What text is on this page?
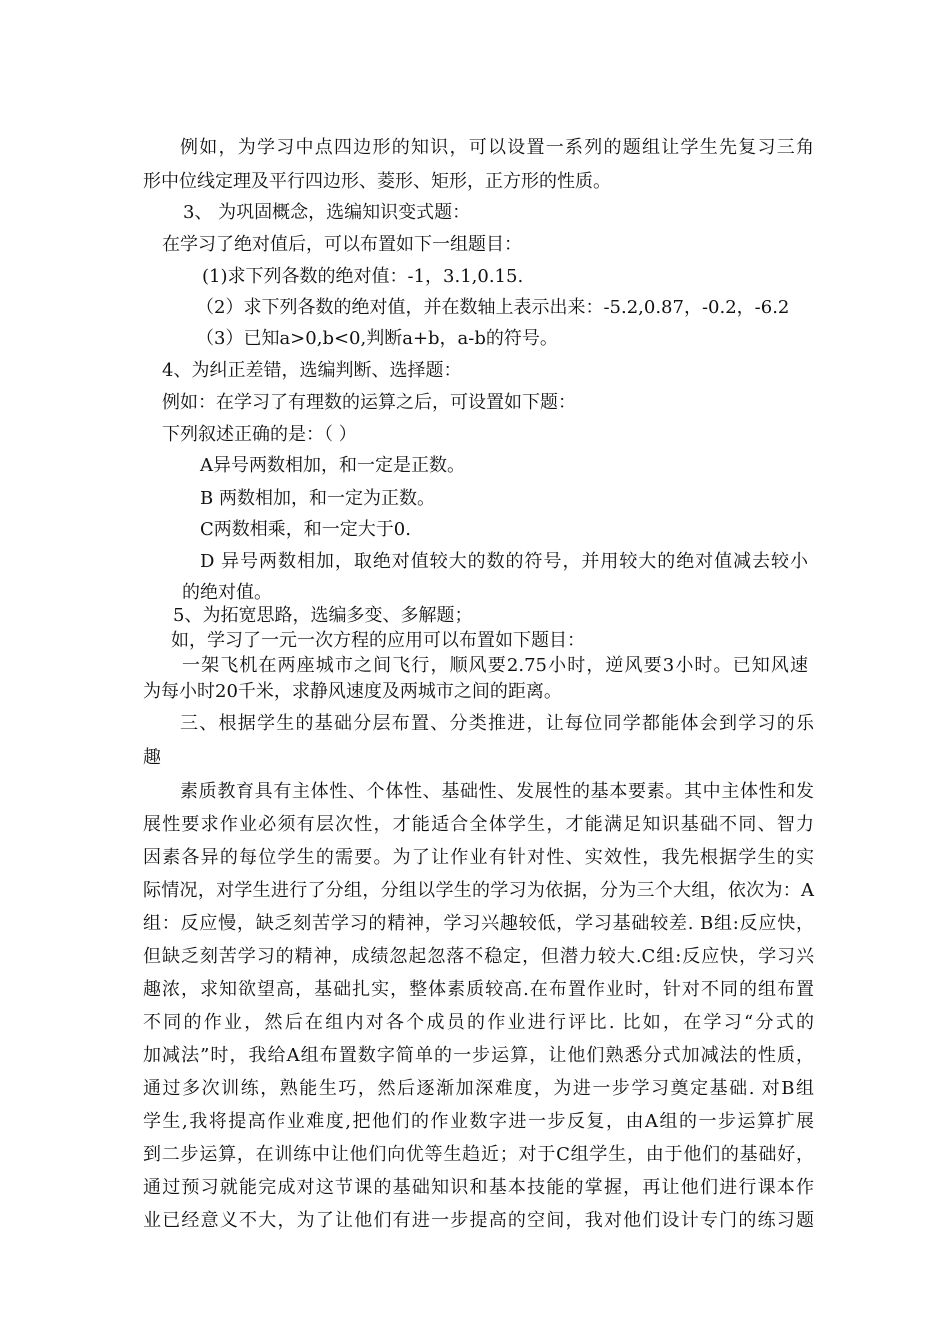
例如，为学习中点四边形的知识，可以设置一系列的题组让学生先复习三角
形中位线定理及平行四边形、菱形、矩形，正方形的性质。
3、 为巩固概念，选编知识变式题：
在学习了绝对值后，可以布置如下一组题目：
(1)求下列各数的绝对值：-1，3.1,0.15.
（2）求下列各数的绝对值，并在数轴上表示出来：-5.2,0.87，-0.2，-6.2
（3）已知a>0,b<0,判断a+b，a-b的符号。
4、为纠正差错，选编判断、选择题：
例如：在学习了有理数的运算之后，可设置如下题：
下列叙述正确的是：（ ）
A异号两数相加，和一定是正数。
B 两数相加，和一定为正数。
C两数相乘，和一定大于0.
D 异号两数相加，取绝对值较大的数的符号，并用较大的绝对值减去较小
的绝对值。
5、为拓宽思路，选编多变、多解题；
如，学习了一元一次方程的应用可以布置如下题目：
一架飞机在两座城市之间飞行，顺风要2.75小时，逆风要3小时。已知风速
为每小时20千米，求静风速度及两城市之间的距离。
三、根据学生的基础分层布置、分类推进，让每位同学都能体会到学习的乐
趣
素质教育具有主体性、个体性、基础性、发展性的基本要素。其中主体性和发
展性要求作业必须有层次性，才能适合全体学生，才能满足知识基础不同、智力
因素各异的每位学生的需要。为了让作业有针对性、实效性，我先根据学生的实
际情况，对学生进行了分组，分组以学生的学习为依据，分为三个大组，依次为：A
组：反应慢，缺乏刻苦学习的精神，学习兴趣较低，学习基础较差. B组:反应快，
但缺乏刻苦学习的精神，成绩忽起忽落不稳定，但潜力较大.C组:反应快，学习兴
趣浓，求知欲望高，基础扎实，整体素质较高.在布置作业时，针对不同的组布置
不同的作业，然后在组内对各个成员的作业进行评比. 比如，在学习“分式的
加减法”时，我给A组布置数字简单的一步运算，让他们熟悉分式加减法的性质，
通过多次训练，熟能生巧，然后逐渐加深难度，为进一步学习奠定基础. 对B组
学生,我将提高作业难度,把他们的作业数字进一步反复，由A组的一步运算扩展
到二步运算，在训练中让他们向优等生趋近；对于C组学生，由于他们的基础好，
通过预习就能完成对这节课的基础知识和基本技能的掌握，再让他们进行课本作
业已经意义不大，为了让他们有进一步提高的空间，我对他们设计专门的练习题
